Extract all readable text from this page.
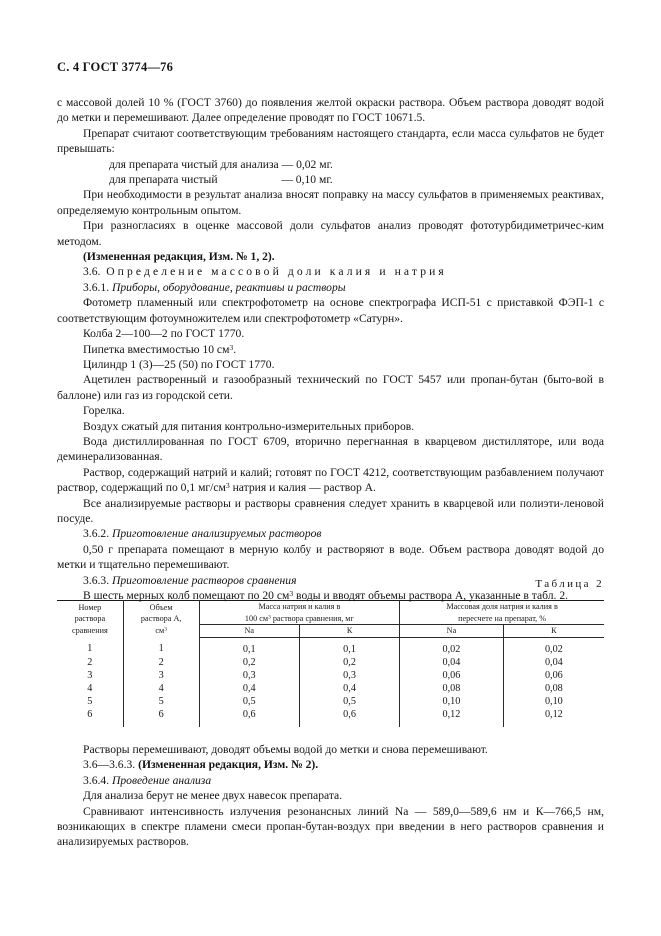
С. 4 ГОСТ 3774—76

с массовой долей 10 % (ГОСТ 3760) до появления желтой окраски раствора. Объем раствора доводят водой до метки и перемешивают. Далее определение проводят по ГОСТ 10671.5.

Препарат считают соответствующим требованиям настоящего стандарта, если масса сульфатов не будет превышать:

для препарата чистый для анализа — 0,02 мг.

для препарата чистый                      — 0,10 мг.

При необходимости в результат анализа вносят поправку на массу сульфатов в применяемых реактивах, определяемую контрольным опытом.

При разногласиях в оценке массовой доли сульфатов анализ проводят фототурбидиметричес-ким методом.

(Измененная редакция, Изм. № 1, 2).

3.6. Определение массовой доли калия и натрия

3.6.1. Приборы, оборудование, реактивы и растворы

Фотометр пламенный или спектрофотометр на основе спектрографа ИСП-51 с приставкой ФЭП-1 с соответствующим фотоумножителем или спектрофотометр «Сатурн».

Колба 2—100—2 по ГОСТ 1770.

Пипетка вместимостью 10 $см^3$.

Цилиндр 1 (3)—25 (50) по ГОСТ 1770.

Ацетилен растворенный и газообразный технический по ГОСТ 5457 или пропан-бутан (быто-вой в баллоне) или газ из городской сети.

Горелка.

Воздух сжатый для питания контрольно-измерительных приборов.

Вода дистиллированная по ГОСТ 6709, вторично перегнанная в кварцевом дистилляторе, или вода деминерализованная.

Раствор, содержащий натрий и калий; готовят по ГОСТ 4212, соответствующим разбавлением получают раствор, содержащий по 0,1 $мг/см^3$ натрия и калия — раствор А.

Все анализируемые растворы и растворы сравнения следует хранить в кварцевой или полиэти-леновой посуде.

3.6.2. Приготовление анализируемых растворов

0,50 г препарата помещают в мерную колбу и растворяют в воде. Объем раствора доводят водой до метки и тщательно перемешивают.

3.6.3. Приготовление растворов сравнения

В шесть мерных колб помещают по 20 $см^3$ воды и вводят объемы раствора А, указанные в табл. 2.

Таблица 2
Номер
раствора
сравнения	Объем
раствора А,
$см^3$	Масса натрия и калия в
100 $см^3$ раствора сравнения, мг		Массовая доля натрия и калия в
пересчете на препарат, %	
		Na	К	Na	К
1	1	0,1	0,1	0,02	0,02
2	2	0,2	0,2	0,04	0,04
3	3	0,3	0,3	0,06	0,06
4	4	0,4	0,4	0,08	0,08
5	5	0,5	0,5	0,10	0,10
6	6	0,6	0,6	0,12	0,12

Растворы перемешивают, доводят объемы водой до метки и снова перемешивают.

3.6—3.6.3. (Измененная редакция, Изм. № 2).

3.6.4. Проведение анализа

Для анализа берут не менее двух навесок препарата.

Сравнивают интенсивность излучения резонансных линий Na — 589,0—589,6 нм и К—766,5 нм, возникающих в спектре пламени смеси пропан-бутан-воздух при введении в него растворов сравнения и анализируемых растворов.
